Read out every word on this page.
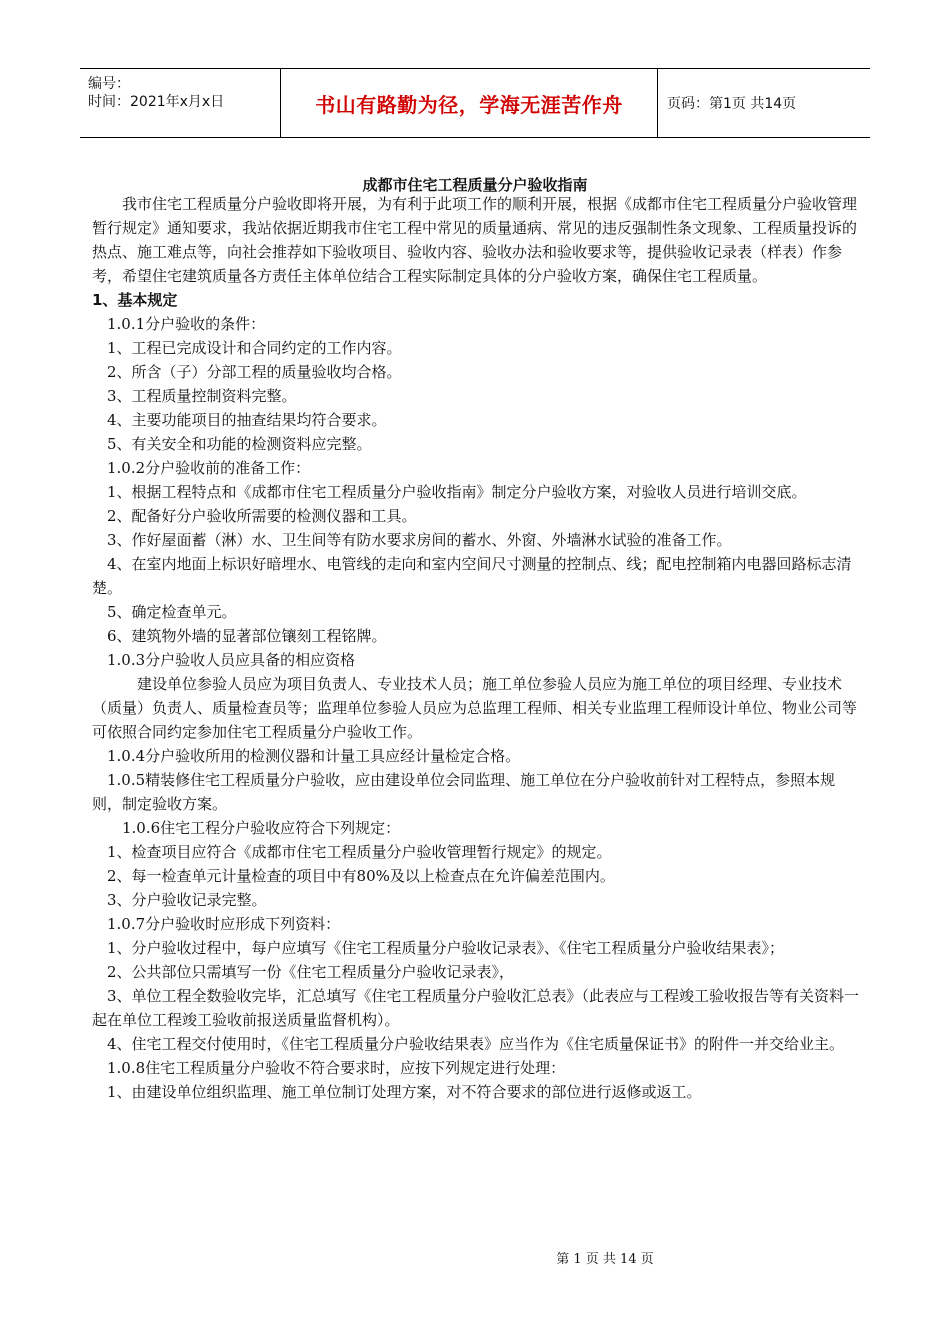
编号：
时间：2021年x月x日	书山有路勤为径，学海无涯苦作舟	页码：第1页 共14页
成都市住宅工程质量分户验收指南

我市住宅工程质量分户验收即将开展，为有利于此项工作的顺利开展，根据《成都市住宅工程质量分户验收管理暂行规定》通知要求，我站依据近期我市住宅工程中常见的质量通病、常见的违反强制性条文现象、工程质量投诉的热点、施工难点等，向社会推荐如下验收项目、验收内容、验收办法和验收要求等，提供验收记录表（样表）作参考，希望住宅建筑质量各方责任主体单位结合工程实际制定具体的分户验收方案，确保住宅工程质量。

1、基本规定

1.0.1分户验收的条件：

1、工程已完成设计和合同约定的工作内容。

2、所含（子）分部工程的质量验收均合格。

3、工程质量控制资料完整。

4、主要功能项目的抽查结果均符合要求。

5、有关安全和功能的检测资料应完整。

1.0.2分户验收前的准备工作：

1、根据工程特点和《成都市住宅工程质量分户验收指南》制定分户验收方案，对验收人员进行培训交底。

2、配备好分户验收所需要的检测仪器和工具。

3、作好屋面蓄（淋）水、卫生间等有防水要求房间的蓄水、外窗、外墙淋水试验的准备工作。

4、在室内地面上标识好暗埋水、电管线的走向和室内空间尺寸测量的控制点、线；配电控制箱内电器回路标志清楚。

5、确定检查单元。

6、建筑物外墙的显著部位镶刻工程铭牌。

1.0.3分户验收人员应具备的相应资格

建设单位参验人员应为项目负责人、专业技术人员；施工单位参验人员应为施工单位的项目经理、专业技术（质量）负责人、质量检查员等；监理单位参验人员应为总监理工程师、相关专业监理工程师设计单位、物业公司等可依照合同约定参加住宅工程质量分户验收工作。

1.0.4分户验收所用的检测仪器和计量工具应经计量检定合格。

1.0.5精装修住宅工程质量分户验收，应由建设单位会同监理、施工单位在分户验收前针对工程特点，参照本规则，制定验收方案。

1.0.6住宅工程分户验收应符合下列规定：

1、检查项目应符合《成都市住宅工程质量分户验收管理暂行规定》的规定。

2、每一检查单元计量检查的项目中有80%及以上检查点在允许偏差范围内。

3、分户验收记录完整。

1.0.7分户验收时应形成下列资料：

1、分户验收过程中，每户应填写《住宅工程质量分户验收记录表》、《住宅工程质量分户验收结果表》；

2、公共部位只需填写一份《住宅工程质量分户验收记录表》，

3、单位工程全数验收完毕，汇总填写《住宅工程质量分户验收汇总表》（此表应与工程竣工验收报告等有关资料一起在单位工程竣工验收前报送质量监督机构）。

4、住宅工程交付使用时，《住宅工程质量分户验收结果表》应当作为《住宅质量保证书》的附件一并交给业主。

1.0.8住宅工程质量分户验收不符合要求时，应按下列规定进行处理：

1、由建设单位组织监理、施工单位制订处理方案，对不符合要求的部位进行返修或返工。

第 1 页 共 14 页
